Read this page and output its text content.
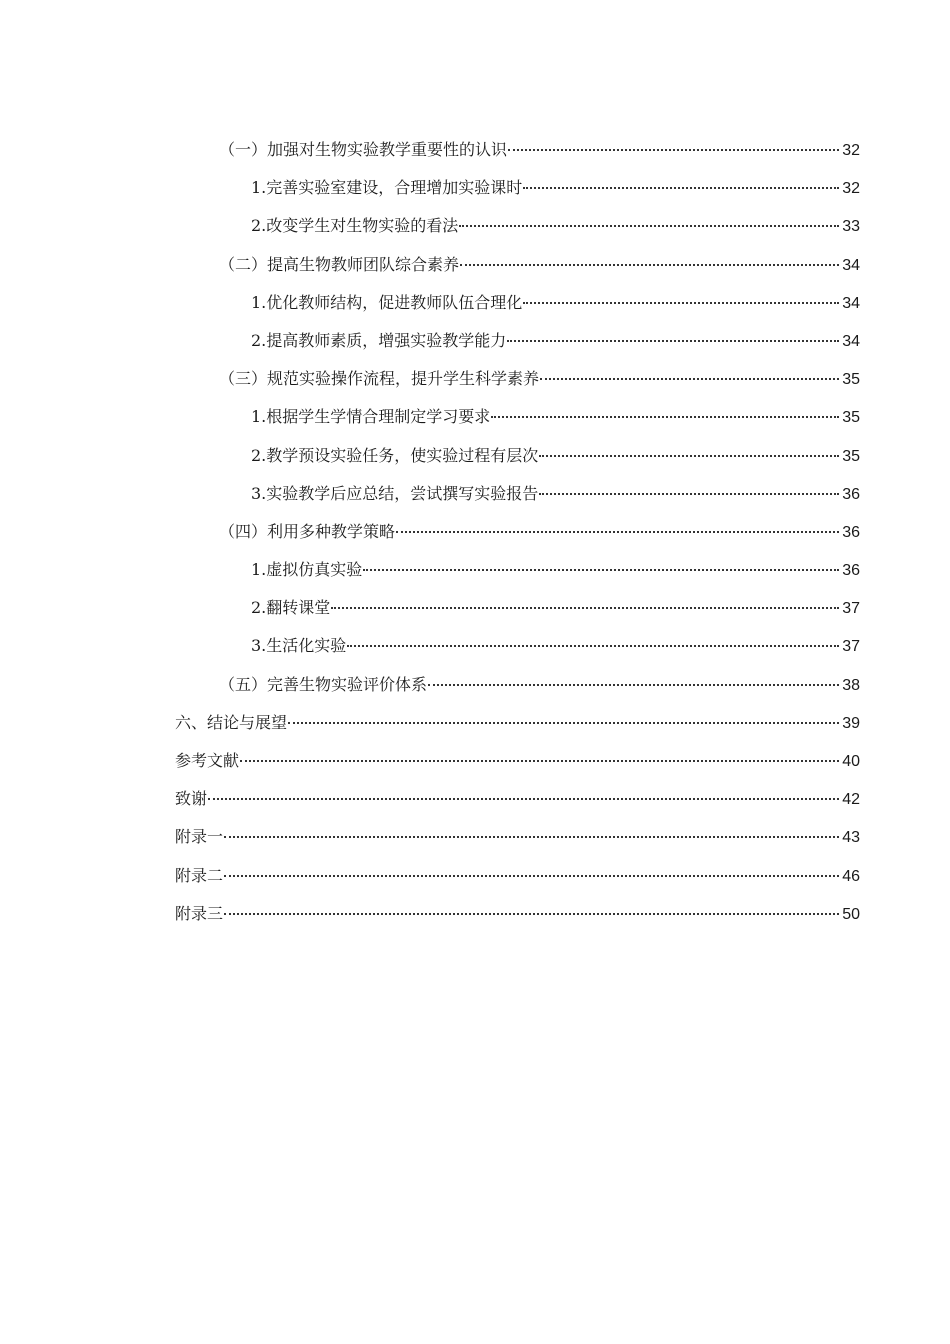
（一）加强对生物实验教学重要性的认识	32
1.完善实验室建设，合理增加实验课时	32
2.改变学生对生物实验的看法	33
（二）提高生物教师团队综合素养	34
1.优化教师结构，促进教师队伍合理化	34
2.提高教师素质，增强实验教学能力	34
（三）规范实验操作流程，提升学生科学素养	35
1.根据学生学情合理制定学习要求	35
2.教学预设实验任务，使实验过程有层次	35
3.实验教学后应总结，尝试撰写实验报告	36
（四）利用多种教学策略	36
1.虚拟仿真实验	36
2.翻转课堂	37
3.生活化实验	37
（五）完善生物实验评价体系	38
六、结论与展望	39
参考文献	40
致谢	42
附录一	43
附录二	46
附录三	50
